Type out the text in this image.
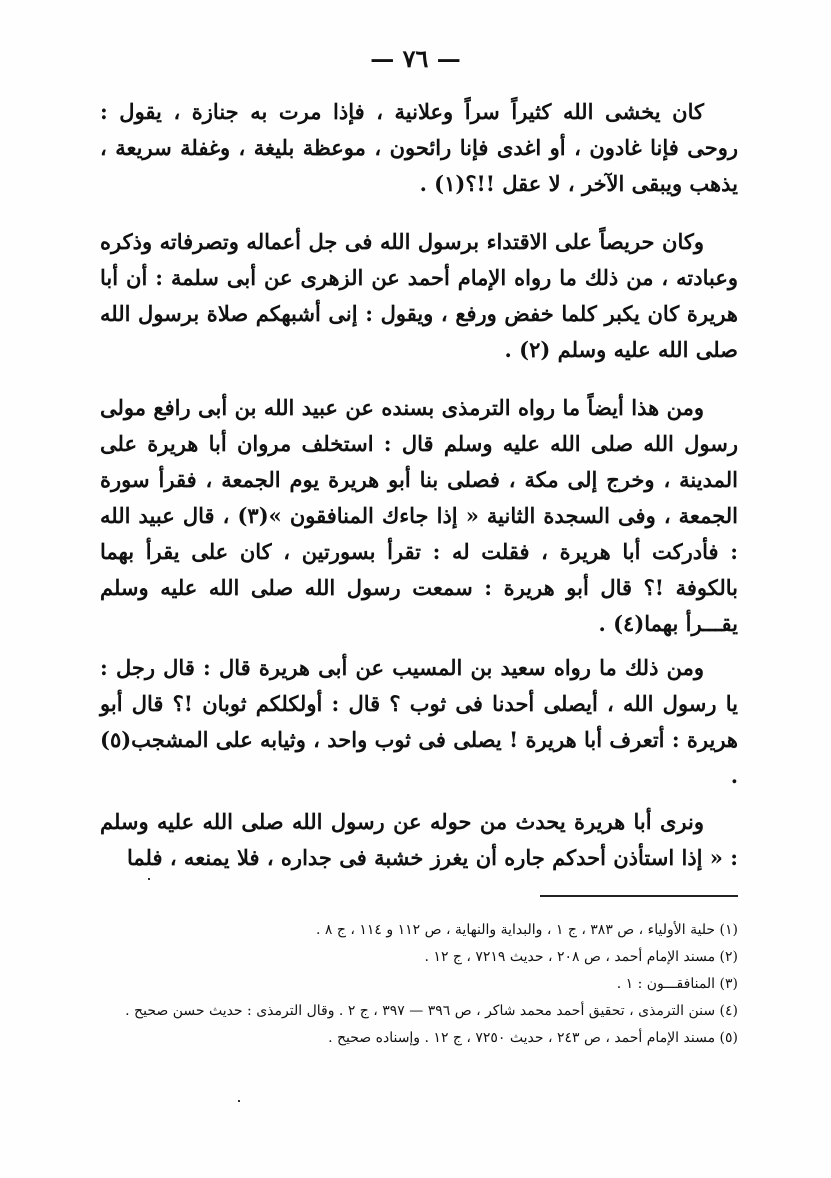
— ٧٦ —

كان يخشى الله كثيراً سراً وعلانية ، فإذا مرت به جنازة ، يقول : روحى فإنا غادون ، أو اغدى فإنا رائحون ، موعظة بليغة ، وغفلة سريعة ، يذهب ويبقى الآخر ، لا عقل !!؟(١) .

وكان حريصاً على الاقتداء برسول الله فى جل أعماله وتصرفاته وذكره وعبادته ، من ذلك ما رواه الإمام أحمد عن الزهرى عن أبى سلمة : أن أبا هريرة كان يكبر كلما خفض ورفع ، ويقول : إنى أشبهكم صلاة برسول الله صلى الله عليه وسلم (٢) .

ومن هذا أيضاً ما رواه الترمذى بسنده عن عبيد الله بن أبى رافع مولى رسول الله صلى الله عليه وسلم قال : استخلف مروان أبا هريرة على المدينة ، وخرج إلى مكة ، فصلى بنا أبو هريرة يوم الجمعة ، فقرأ سورة الجمعة ، وفى السجدة الثانية « إذا جاءك المنافقون »(٣) ، قال عبيد الله : فأدركت أبا هريرة ، فقلت له : تقرأ بسورتين ، كان على يقرأ بهما بالكوفة !؟ قال أبو هريرة : سمعت رسول الله صلى الله عليه وسلم يقـــرأ بهما(٤) .

ومن ذلك ما رواه سعيد بن المسيب عن أبى هريرة قال : قال رجل : يا رسول الله ، أيصلى أحدنا فى ثوب ؟ قال : أولكلكم ثوبان !؟ قال أبو هريرة : أتعرف أبا هريرة ! يصلى فى ثوب واحد ، وثيابه على المشجب(٥) .

ونرى أبا هريرة يحدث من حوله عن رسول الله صلى الله عليه وسلم : « إذا استأذن أحدكم جاره أن يغرز خشبة فى جداره ، فلا يمنعه ، فلما

(١) حلية الأولياء ، ص ٣٨٣ ، ج ١ ، والبداية والنهاية ، ص ١١٢ و ١١٤ ، ج ٨ .

(٢) مسند الإمام أحمد ، ص ٢٠٨ ، حديث ٧٢١٩ ، ج ١٢ .

(٣) المنافقـــون : ١ .

(٤) سنن الترمذى ، تحقيق أحمد محمد شاكر ، ص ٣٩٦ — ٣٩٧ ، ج ٢ . وقال الترمذى : حديث حسن صحيح .

(٥) مسند الإمام أحمد ، ص ٢٤٣ ، حديث ٧٢٥٠ ، ج ١٢ . وإسناده صحيح .
